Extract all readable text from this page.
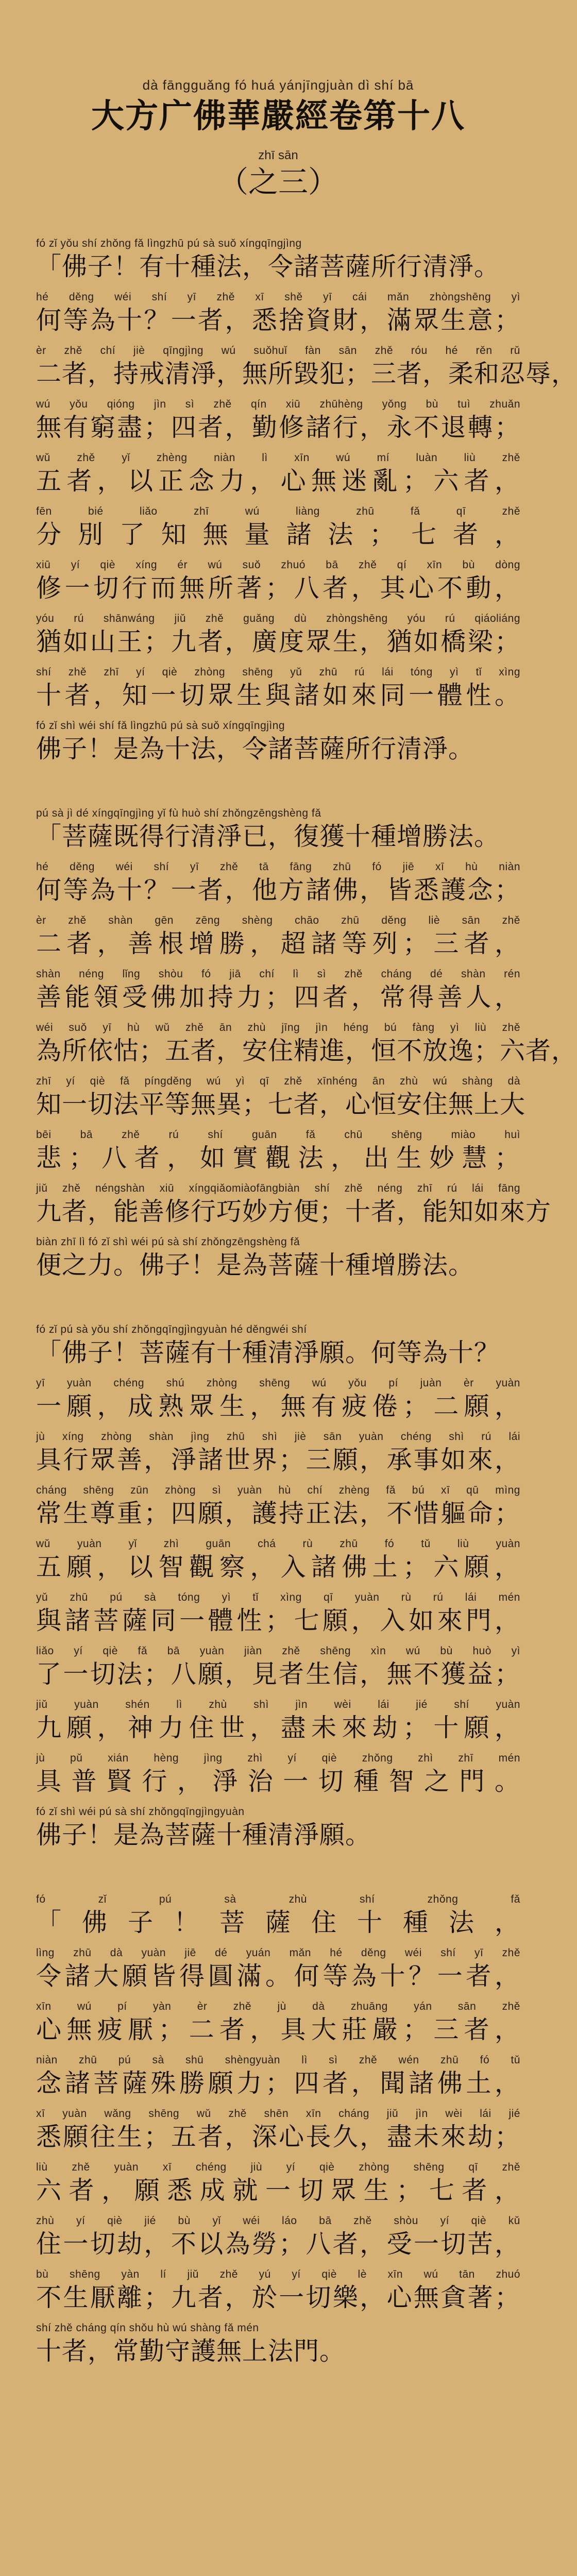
dà fāngguǎng fó huá yánjīngjuàn dì shí bā
大方广佛華嚴經卷第十八
zhī sān
（之三）
fó zǐ yǒu shí zhǒng fǎ lìngzhū pú sà suǒ xíngqīngjìng
「佛子！有十種法，令諸菩薩所行清淨。
hé děng wéi shí yī zhě xī shě yī cái mǎn zhòngshēng yì
何等為十？一者，悉捨資財，滿眾生意；
èr zhě chí jiè qīngjìng wú suǒhuǐ fàn sān zhě róu hé rěn rǔ
二者，持戒清淨，無所毀犯；三者，柔和忍辱，
wú yǒu qióng jìn sì zhě qín xiū zhūhèng yǒng bù tuì zhuǎn
無有窮盡；四者，勤修諸行，永不退轉；
wǔ zhě yǐ zhèng niàn lì xīn wú mí luàn liù zhě
五者，以正念力，心無迷亂；六者，
fēn bié liǎo zhī wú liàng zhū fǎ qī zhě
分別了知無量諸法；七者，
xiū yí qiè xíng ér wú suǒ zhuó bā zhě qí xīn bù dòng
修一切行而無所著；八者，其心不動，
yóu rú shānwáng jiǔ zhě guǎng dù zhòngshēng yóu rú qiáoliáng
猶如山王；九者，廣度眾生，猶如橋梁；
shí zhě zhī yí qiè zhòng shēng yǔ zhū rú lái tóng yì tǐ xìng
十者，知一切眾生與諸如來同一體性。
fó zǐ shì wéi shí fǎ lìngzhū pú sà suǒ xíngqīngjìng
佛子！是為十法，令諸菩薩所行清淨。
pú sà jì dé xíngqīngjìng yǐ fù huò shí zhǒngzēngshèng fǎ
「菩薩既得行清淨已，復獲十種增勝法。
hé děng wéi shí yī zhě tā fāng zhū fó jiē xī hù niàn
何等為十？一者，他方諸佛，皆悉護念；
èr zhě shàn gēn zēng shèng chāo zhū děng liè sān zhě
二者，善根增勝，超諸等列；三者，
shàn néng lǐng shòu fó jiā chí lì sì zhě cháng dé shàn rén
善能領受佛加持力；四者，常得善人，
wéi suǒ yī hù wǔ zhě ān zhù jīng jìn héng bú fàng yì liù zhě
為所依怙；五者，安住精進，恒不放逸；六者，
zhī yí qiè fǎ píngděng wú yì qī zhě xīnhéng ān zhù wú shàng dà
知一切法平等無異；七者，心恒安住無上大
bēi bā zhě rú shí guān fǎ chū shēng miào huì
悲；八者，如實觀法，出生妙慧；
jiǔ zhě néngshàn xiū xíngqiǎomiàofāngbiàn shí zhě néng zhī rú lái fāng
九者，能善修行巧妙方便；十者，能知如來方
biàn zhī lì fó zǐ shì wéi pú sà shí zhǒngzēngshèng fǎ
便之力。佛子！是為菩薩十種增勝法。
fó zǐ pú sà yǒu shí zhǒngqīngjìngyuàn hé děngwéi shí
「佛子！菩薩有十種清淨願。何等為十？
yī yuàn chéng shú zhòng shēng wú yǒu pí juàn èr yuàn
一願，成熟眾生，無有疲倦；二願，
jù xíng zhòng shàn jìng zhū shì jiè sān yuàn chéng shì rú lái
具行眾善，淨諸世界；三願，承事如來，
cháng shēng zūn zhòng sì yuàn hù chí zhèng fǎ bú xī qū mìng
常生尊重；四願，護持正法，不惜軀命；
wǔ yuàn yǐ zhì guān chá rù zhū fó tǔ liù yuàn
五願，以智觀察，入諸佛土；六願，
yǔ zhū pú sà tóng yì tǐ xìng qī yuàn rù rú lái mén
與諸菩薩同一體性；七願，入如來門，
liǎo yí qiè fǎ bā yuàn jiàn zhě shēng xìn wú bù huò yì
了一切法；八願，見者生信，無不獲益；
jiǔ yuàn shén lì zhù shì jìn wèi lái jié shí yuàn
九願，神力住世，盡未來劫；十願，
jù pǔ xián hèng jìng zhì yí qiè zhǒng zhì zhī mén
具普賢行，淨治一切種智之門。
fó zǐ shì wéi pú sà shí zhǒngqīngjìngyuàn
佛子！是為菩薩十種清淨願。
fó zǐ pú sà zhù shí zhǒng fǎ
「佛子！菩薩住十種法，
lìng zhū dà yuàn jiē dé yuán mǎn hé děng wéi shí yī zhě
令諸大願皆得圓滿。何等為十？一者，
xīn wú pí yàn èr zhě jù dà zhuāng yán sān zhě
心無疲厭；二者，具大莊嚴；三者，
niàn zhū pú sà shū shèngyuàn lì sì zhě wén zhū fó tǔ
念諸菩薩殊勝願力；四者，聞諸佛土，
xī yuàn wǎng shēng wǔ zhě shēn xīn cháng jiǔ jìn wèi lái jié
悉願往生；五者，深心長久，盡未來劫；
liù zhě yuàn xī chéng jiù yí qiè zhòng shēng qī zhě
六者，願悉成就一切眾生；七者，
zhù yí qiè jié bù yǐ wéi láo bā zhě shòu yí qiè kǔ
住一切劫，不以為勞；八者，受一切苦，
bù shēng yàn lí jiǔ zhě yú yí qiè lè xīn wú tān zhuó
不生厭離；九者，於一切樂，心無貪著；
shí zhě cháng qín shǒu hù wú shàng fǎ mén
十者，常勤守護無上法門。
